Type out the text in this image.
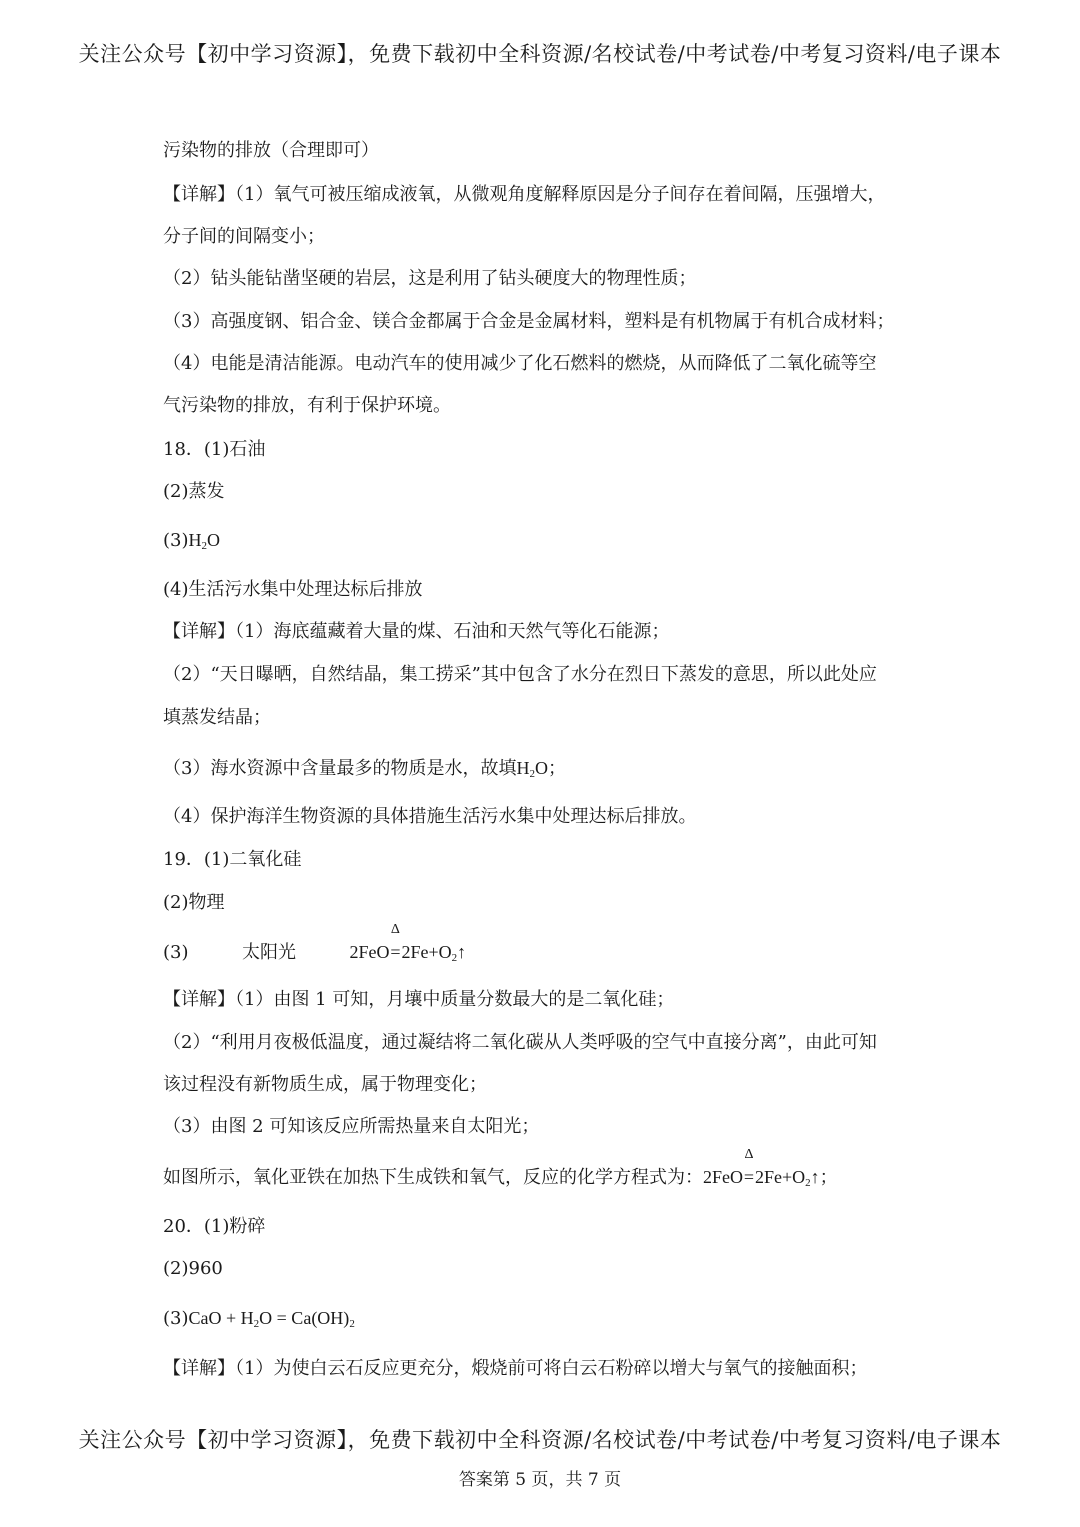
关注公众号【初中学习资源】，免费下载初中全科资源/名校试卷/中考试卷/中考复习资料/电子课本
污染物的排放（合理即可）
【详解】（1）氧气可被压缩成液氧，从微观角度解释原因是分子间存在着间隔，压强增大，
分子间的间隔变小；
（2）钻头能钻凿坚硬的岩层，这是利用了钻头硬度大的物理性质；
（3）高强度钢、铝合金、镁合金都属于合金是金属材料，塑料是有机物属于有机合成材料；
（4）电能是清洁能源。电动汽车的使用减少了化石燃料的燃烧，从而降低了二氧化硫等空
气污染物的排放，有利于保护环境。
18．(1)石油
(2)蒸发
$(3)H_2O$
(4)生活污水集中处理达标后排放
【详解】（1）海底蕴藏着大量的煤、石油和天然气等化石能源；
（2）“天日曝晒，自然结晶，集工捞采”其中包含了水分在烈日下蒸发的意思，所以此处应
填蒸发结晶；
（3）海水资源中含量最多的物质是水，故填$H_2O$；
（4）保护海洋生物资源的具体措施生活污水集中处理达标后排放。
19．(1)二氧化硅
(2)物理
(3)	太阳光	2FeO
Δ
$=2Fe+O_2↑$
【详解】（1）由图 1 可知，月壤中质量分数最大的是二氧化硅；
（2）“利用月夜极低温度，通过凝结将二氧化碳从人类呼吸的空气中直接分离”，由此可知
该过程没有新物质生成，属于物理变化；
（3）由图 2 可知该反应所需热量来自太阳光；
如图所示，氧化亚铁在加热下生成铁和氧气，反应的化学方程式为：2FeO
Δ
$=2Fe+O_2↑$；
20．(1)粉碎
(2)960
$(3)CaO + H_2O = Ca(OH)_2$
【详解】（1）为使白云石反应更充分，煅烧前可将白云石粉碎以增大与氧气的接触面积；
关注公众号【初中学习资源】，免费下载初中全科资源/名校试卷/中考试卷/中考复习资料/电子课本
答案第 5 页，共 7 页
